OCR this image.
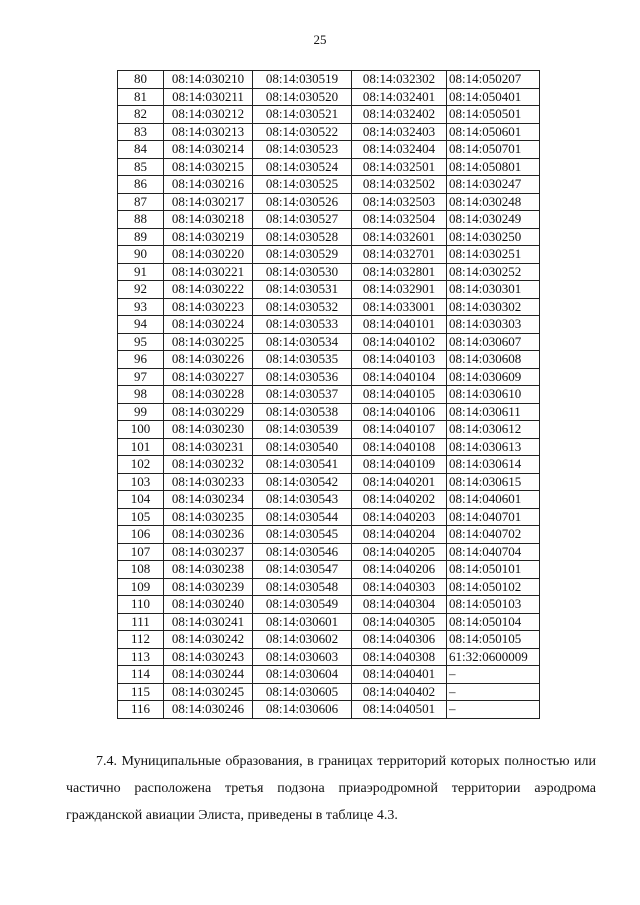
25
80	08:14:030210	08:14:030519	08:14:032302	08:14:050207
81	08:14:030211	08:14:030520	08:14:032401	08:14:050401
82	08:14:030212	08:14:030521	08:14:032402	08:14:050501
83	08:14:030213	08:14:030522	08:14:032403	08:14:050601
84	08:14:030214	08:14:030523	08:14:032404	08:14:050701
85	08:14:030215	08:14:030524	08:14:032501	08:14:050801
86	08:14:030216	08:14:030525	08:14:032502	08:14:030247
87	08:14:030217	08:14:030526	08:14:032503	08:14:030248
88	08:14:030218	08:14:030527	08:14:032504	08:14:030249
89	08:14:030219	08:14:030528	08:14:032601	08:14:030250
90	08:14:030220	08:14:030529	08:14:032701	08:14:030251
91	08:14:030221	08:14:030530	08:14:032801	08:14:030252
92	08:14:030222	08:14:030531	08:14:032901	08:14:030301
93	08:14:030223	08:14:030532	08:14:033001	08:14:030302
94	08:14:030224	08:14:030533	08:14:040101	08:14:030303
95	08:14:030225	08:14:030534	08:14:040102	08:14:030607
96	08:14:030226	08:14:030535	08:14:040103	08:14:030608
97	08:14:030227	08:14:030536	08:14:040104	08:14:030609
98	08:14:030228	08:14:030537	08:14:040105	08:14:030610
99	08:14:030229	08:14:030538	08:14:040106	08:14:030611
100	08:14:030230	08:14:030539	08:14:040107	08:14:030612
101	08:14:030231	08:14:030540	08:14:040108	08:14:030613
102	08:14:030232	08:14:030541	08:14:040109	08:14:030614
103	08:14:030233	08:14:030542	08:14:040201	08:14:030615
104	08:14:030234	08:14:030543	08:14:040202	08:14:040601
105	08:14:030235	08:14:030544	08:14:040203	08:14:040701
106	08:14:030236	08:14:030545	08:14:040204	08:14:040702
107	08:14:030237	08:14:030546	08:14:040205	08:14:040704
108	08:14:030238	08:14:030547	08:14:040206	08:14:050101
109	08:14:030239	08:14:030548	08:14:040303	08:14:050102
110	08:14:030240	08:14:030549	08:14:040304	08:14:050103
111	08:14:030241	08:14:030601	08:14:040305	08:14:050104
112	08:14:030242	08:14:030602	08:14:040306	08:14:050105
113	08:14:030243	08:14:030603	08:14:040308	61:32:0600009
114	08:14:030244	08:14:030604	08:14:040401	–
115	08:14:030245	08:14:030605	08:14:040402	–
116	08:14:030246	08:14:030606	08:14:040501	–

7.4. Муниципальные образования, в границах территорий которых полностью или частично расположена третья подзона приаэродромной территории аэродрома гражданской авиации Элиста, приведены в таблице 4.3.
